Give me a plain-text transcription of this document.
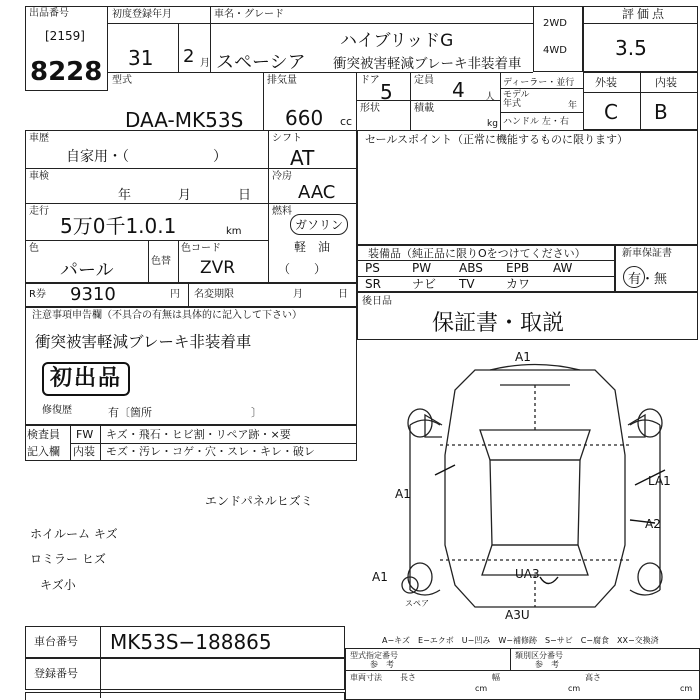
出品番号
[2159]
8228
初度登録年月
31 2 月
車名・グレード
スペーシア
ハイブリッドG
衝突被害軽減ブレーキ非装着車
2WD
4WD
評価点
3.5
型式
DAA-MK53S
排気量
660 cc
ドア 5 定員 4 人
形状	積載
kg
ディーラー・並行
モデル年式	年
ハンドル 左・右
外装	内装
C B
車歴
自家用・（　　　　　　）
シフト
AT
車検
年	月	日
冷房
AAC
走行
5万0千1.0.1	km
燃料
ガソリン
軽　油
（　　）
色
パール	色替
色コード
ZVR
セールスポイント（正常に機能するものに限ります）
装備品（純正品に限りOをつけてください）
PS	PW ABS EPB AW
SR	ナビ TV	カワ
新車保証書
有・無
R券 9310	円 名変期限	月	日
後日品
保証書・取説
注意事項申告欄（不具合の有無は具体的に記入して下さい）
衝突被害軽減ブレーキ非装着車
初出品
修復歴	有〔箇所　　　　　　　　　〕
検査員
記入欄
FW キズ・飛石・ヒビ割・リペア跡・×要
内装 モズ・汚レ・コゲ・穴・スレ・キレ・破レ
エンドパネルヒズミ
ホイルーム キズ
ロミラー ヒズ
キズ小
A1
A1
A1
LA1
A2
UA3
A3U
スペア
A−キズ　E−エクボ　U−凹み　W−補修跡　S−サビ　C−腐食　XX−交換済
車台番号 MK53S−188865
登録番号
型式指定番号
参　考
類別区分番号
参　考
車両寸法 長さ	幅	高さ
cm	cm	cm
